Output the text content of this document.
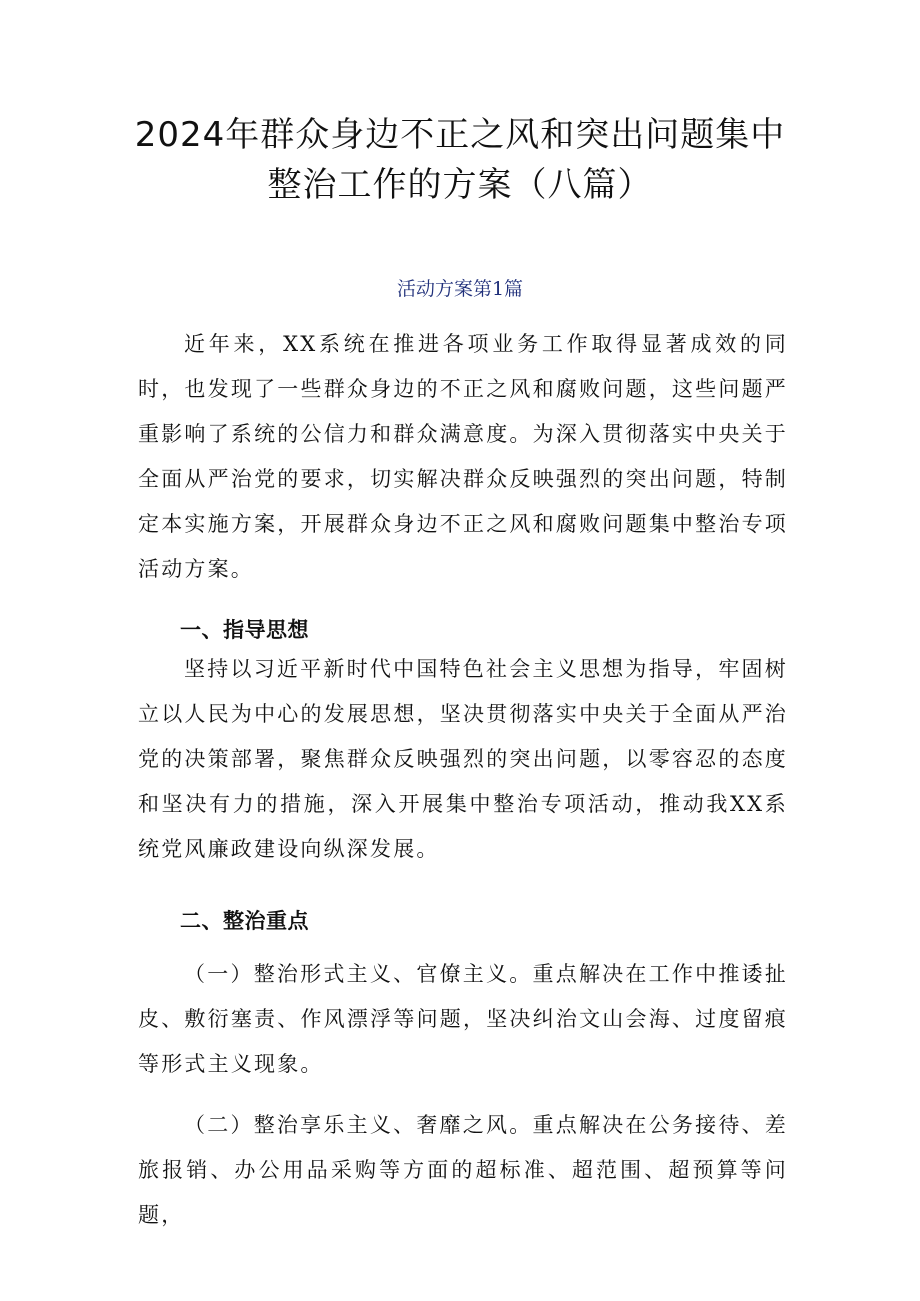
2024年群众身边不正之风和突出问题集中
整治工作的方案（八篇）

活动方案第1篇

近年来，XX系统在推进各项业务工作取得显著成效的同时，也发现了一些群众身边的不正之风和腐败问题，这些问题严重影响了系统的公信力和群众满意度。为深入贯彻落实中央关于全面从严治党的要求，切实解决群众反映强烈的突出问题，特制定本实施方案，开展群众身边不正之风和腐败问题集中整治专项活动方案。

一、指导思想

坚持以习近平新时代中国特色社会主义思想为指导，牢固树立以人民为中心的发展思想，坚决贯彻落实中央关于全面从严治党的决策部署，聚焦群众反映强烈的突出问题，以零容忍的态度和坚决有力的措施，深入开展集中整治专项活动，推动我XX系统党风廉政建设向纵深发展。

二、整治重点

（一）整治形式主义、官僚主义。重点解决在工作中推诿扯皮、敷衍塞责、作风漂浮等问题，坚决纠治文山会海、过度留痕等形式主义现象。

（二）整治享乐主义、奢靡之风。重点解决在公务接待、差旅报销、办公用品采购等方面的超标准、超范围、超预算等问题，
